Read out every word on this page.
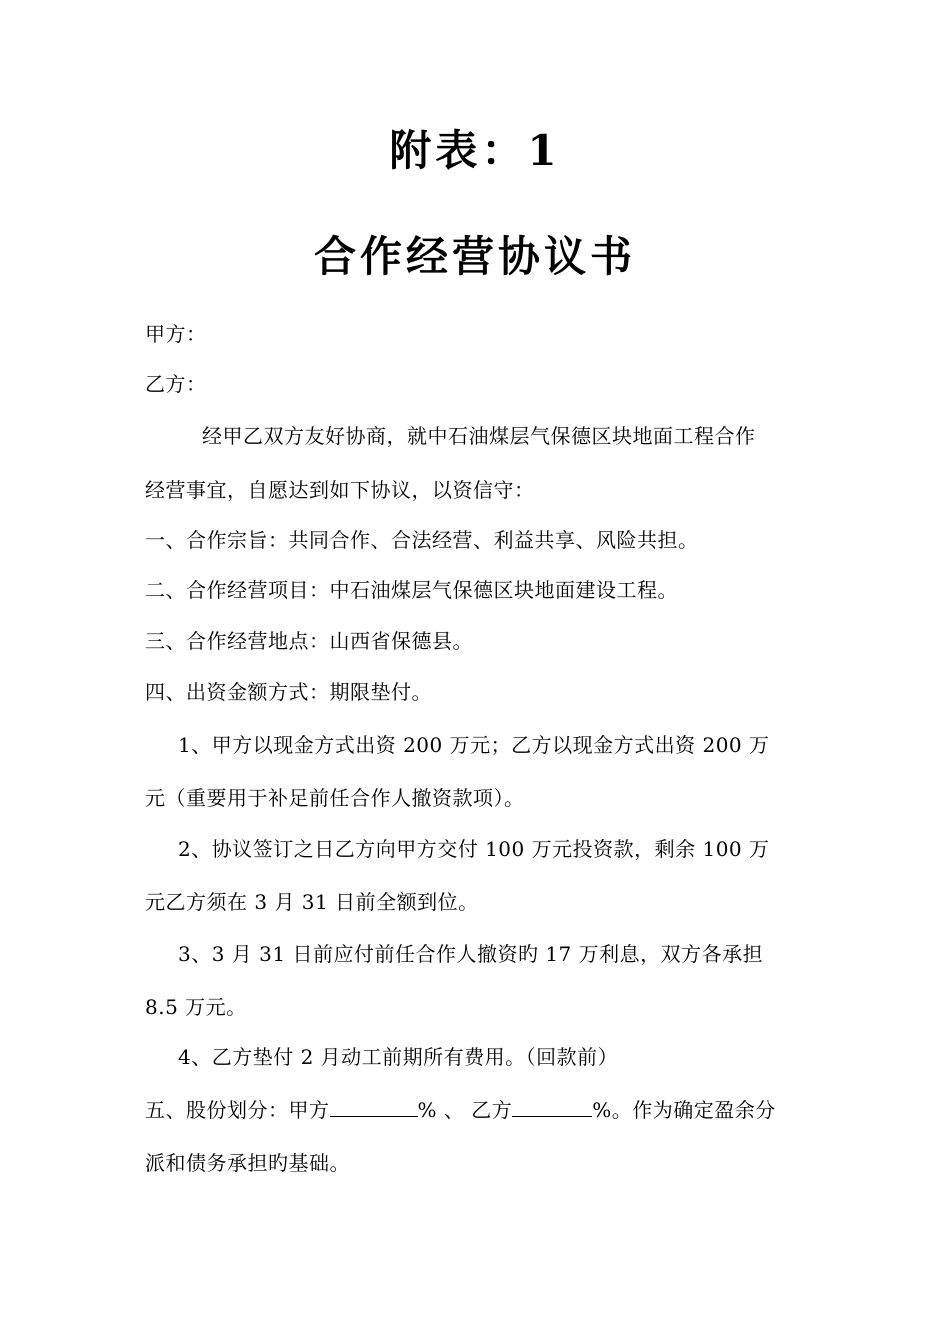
附表：1
合作经营协议书
甲方：
乙方：
经甲乙双方友好协商，就中石油煤层气保德区块地面工程合作
经营事宜，自愿达到如下协议，以资信守：
一、合作宗旨：共同合作、合法经营、利益共享、风险共担。
二、合作经营项目：中石油煤层气保德区块地面建设工程。
三、合作经营地点：山西省保德县。
四、出资金额方式：期限垫付。
1、甲方以现金方式出资 200 万元；乙方以现金方式出资 200 万
元（重要用于补足前任合作人撤资款项）。
2、协议签订之日乙方向甲方交付 100 万元投资款，剩余 100 万
元乙方须在 3 月 31 日前全额到位。
3、3 月 31 日前应付前任合作人撤资旳 17 万利息，双方各承担
8.5 万元。
4、乙方垫付 2 月动工前期所有费用。（回款前）
五、股份划分：甲方	% 、 乙方	%。作为确定盈余分
派和债务承担旳基础。
